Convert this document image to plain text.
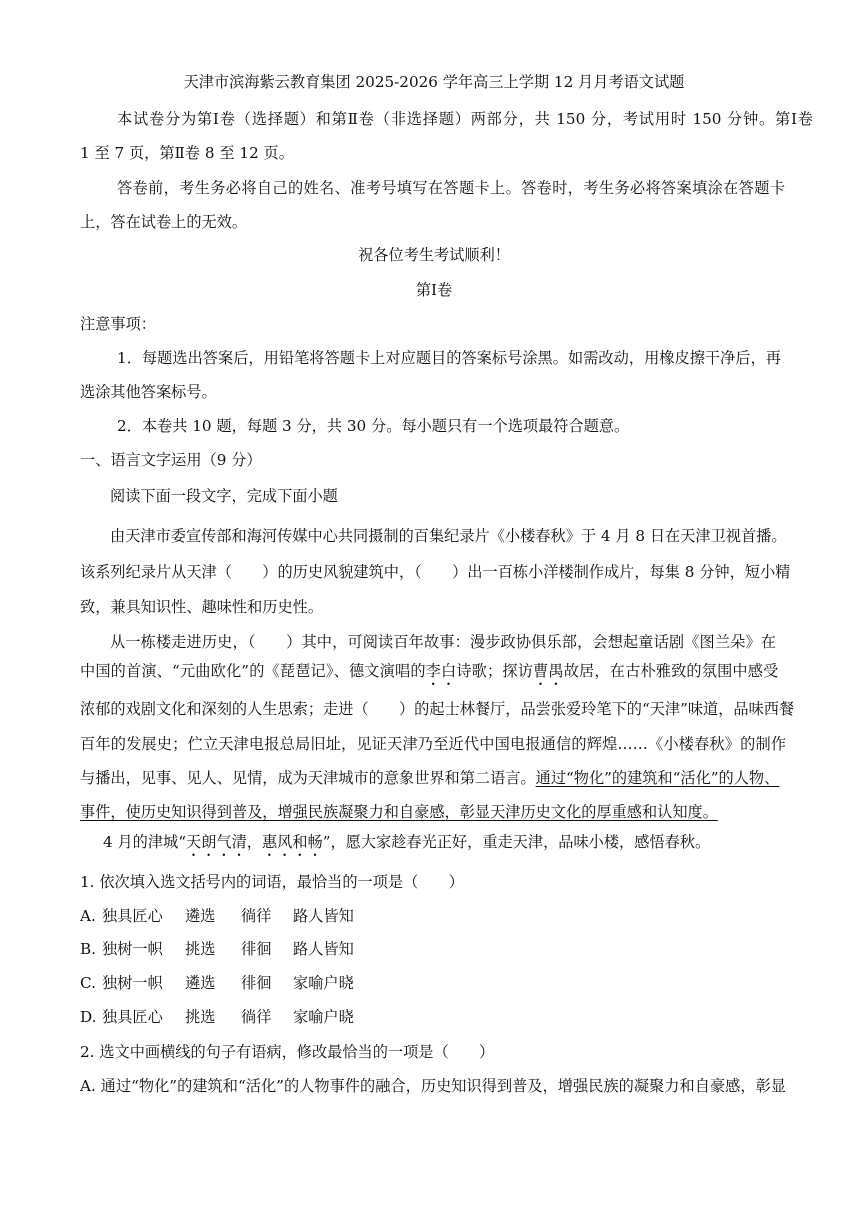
天津市滨海紫云教育集团 2025-2026 学年高三上学期 12 月月考语文试题
本试卷分为第Ⅰ卷（选择题）和第Ⅱ卷（非选择题）两部分，共 150 分，考试用时 150 分钟。第Ⅰ卷
1 至 7 页，第Ⅱ卷 8 至 12 页。
答卷前，考生务必将自己的姓名、准考号填写在答题卡上。答卷时，考生务必将答案填涂在答题卡
上，答在试卷上的无效。
祝各位考生考试顺利！
第Ⅰ卷
注意事项：
1．每题选出答案后，用铅笔将答题卡上对应题目的答案标号涂黑。如需改动，用橡皮擦干净后，再
选涂其他答案标号。
2．本卷共 10 题，每题 3 分，共 30 分。每小题只有一个选项最符合题意。
一、语言文字运用（9 分）
阅读下面一段文字，完成下面小题
由天津市委宣传部和海河传媒中心共同摄制的百集纪录片《小楼春秋》于 4 月 8 日在天津卫视首播。
该系列纪录片从天津（　　）的历史风貌建筑中，（　　）出一百栋小洋楼制作成片，每集 8 分钟，短小精
致，兼具知识性、趣味性和历史性。
从一栋楼走进历史，（　　）其中，可阅读百年故事：漫步政协俱乐部，会想起童话剧《图兰朵》在
中国的首演、“元曲欧化”的《琵琶记》、德文演唱的李白诗歌；探访曹禺故居，在古朴雅致的氛围中感受
浓郁的戏剧文化和深刻的人生思索；走进（　　）的起士林餐厅，品尝张爱玲笔下的“天津”味道，品味西餐
百年的发展史；伫立天津电报总局旧址，见证天津乃至近代中国电报通信的辉煌……《小楼春秋》的制作
与播出，见事、见人、见情，成为天津城市的意象世界和第二语言。通过“物化”的建筑和“活化”的人物、
事件，使历史知识得到普及，增强民族凝聚力和自豪感，彰显天津历史文化的厚重感和认知度。
4 月的津城“天朗气清，惠风和畅”，愿大家趁春光正好，重走天津，品味小楼，感悟春秋。
1. 依次填入选文括号内的词语，最恰当的一项是（　　）
A. 独具匠心 遴选 徜徉 路人皆知
B. 独树一帜 挑选 徘徊 路人皆知
C. 独树一帜 遴选 徘徊 家喻户晓
D. 独具匠心 挑选 徜徉 家喻户晓
2. 选文中画横线的句子有语病，修改最恰当的一项是（　　）
A. 通过“物化”的建筑和“活化”的人物事件的融合，历史知识得到普及，增强民族的凝聚力和自豪感，彰显
